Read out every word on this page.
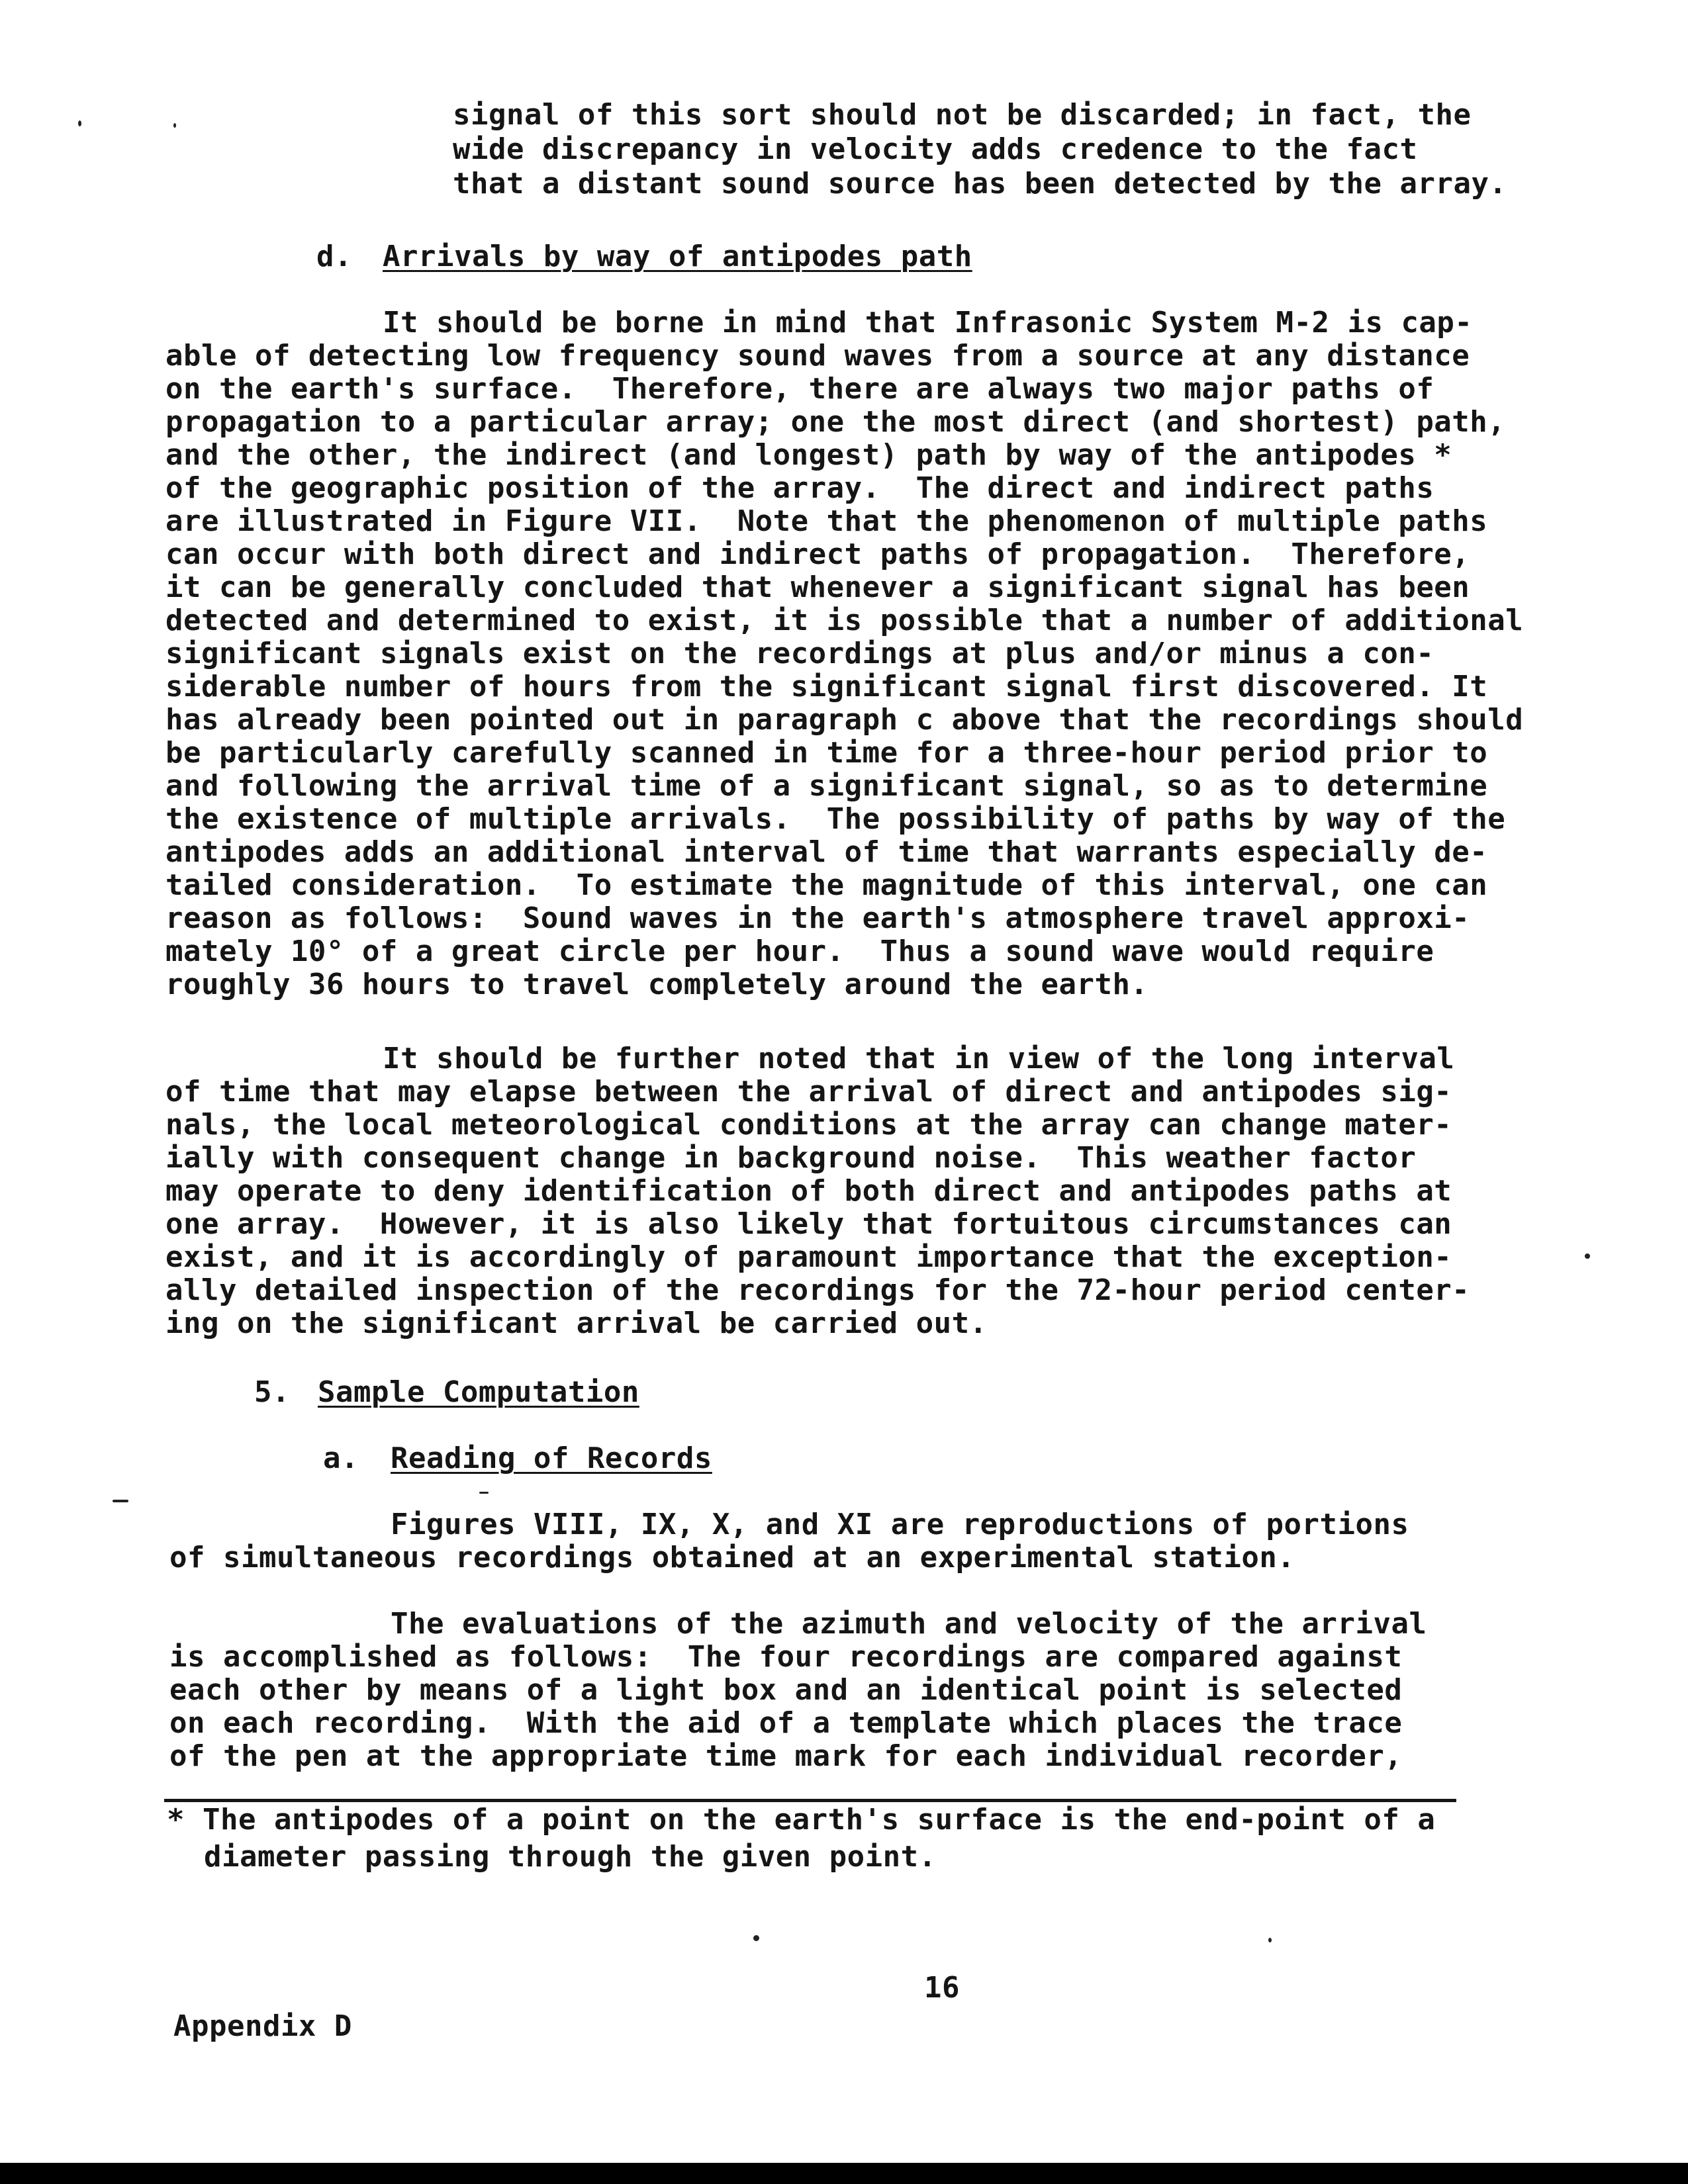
signal of this sort should not be discarded; in fact, the
wide discrepancy in velocity adds credence to the fact
that a distant sound source has been detected by the array.
d. Arrivals by way of antipodes path
It should be borne in mind that Infrasonic System M-2 is cap-
able of detecting low frequency sound waves from a source at any distance
on the earth's surface.  Therefore, there are always two major paths of
propagation to a particular array; one the most direct (and shortest) path,
and the other, the indirect (and longest) path by way of the antipodes *
of the geographic position of the array.  The direct and indirect paths
are illustrated in Figure VII.  Note that the phenomenon of multiple paths
can occur with both direct and indirect paths of propagation.  Therefore,
it can be generally concluded that whenever a significant signal has been
detected and determined to exist, it is possible that a number of additional
significant signals exist on the recordings at plus and/or minus a con-
siderable number of hours from the significant signal first discovered. It
has already been pointed out in paragraph c above that the recordings should
be particularly carefully scanned in time for a three-hour period prior to
and following the arrival time of a significant signal, so as to determine
the existence of multiple arrivals.  The possibility of paths by way of the
antipodes adds an additional interval of time that warrants especially de-
tailed consideration.  To estimate the magnitude of this interval, one can
reason as follows:  Sound waves in the earth's atmosphere travel approxi-
mately 10° of a great circle per hour.  Thus a sound wave would require
roughly 36 hours to travel completely around the earth.
It should be further noted that in view of the long interval
of time that may elapse between the arrival of direct and antipodes sig-
nals, the local meteorological conditions at the array can change mater-
ially with consequent change in background noise.  This weather factor
may operate to deny identification of both direct and antipodes paths at
one array.  However, it is also likely that fortuitous circumstances can
exist, and it is accordingly of paramount importance that the exception-
ally detailed inspection of the recordings for the 72-hour period center-
ing on the significant arrival be carried out.
5. Sample Computation
a. Reading of Records
Figures VIII, IX, X, and XI are reproductions of portions
of simultaneous recordings obtained at an experimental station.
The evaluations of the azimuth and velocity of the arrival
is accomplished as follows:  The four recordings are compared against
each other by means of a light box and an identical point is selected
on each recording.  With the aid of a template which places the trace
of the pen at the appropriate time mark for each individual recorder,
* The antipodes of a point on the earth's surface is the end-point of a
diameter passing through the given point.
16
Appendix D
